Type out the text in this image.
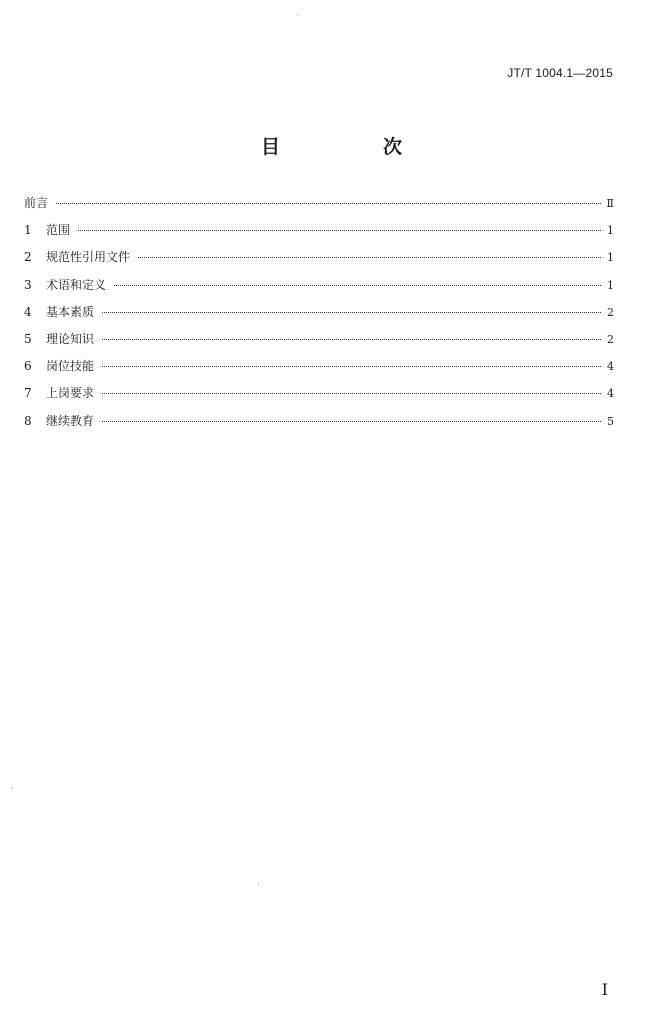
JT/T 1004.1—2015
目　次
前言	Ⅱ
1	范围	1
2	规范性引用文件	1
3	术语和定义	1
4	基本素质	2
5	理论知识	2
6	岗位技能	4
7	上岗要求	4
8	继续教育	5
I
